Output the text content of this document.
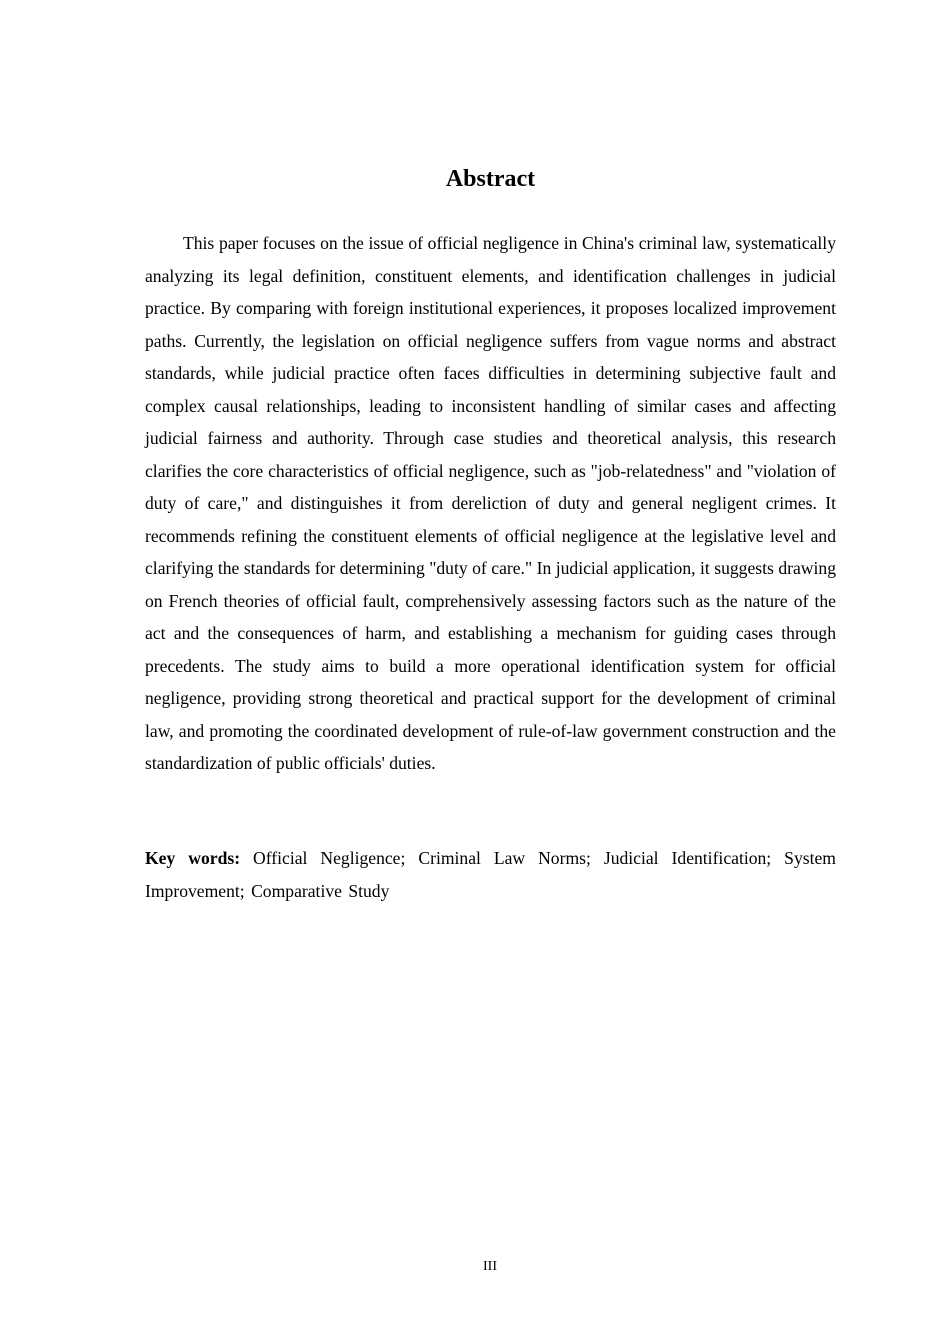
Abstract

This paper focuses on the issue of official negligence in China's criminal law, systematically analyzing its legal definition, constituent elements, and identification challenges in judicial practice. By comparing with foreign institutional experiences, it proposes localized improvement paths. Currently, the legislation on official negligence suffers from vague norms and abstract standards, while judicial practice often faces difficulties in determining subjective fault and complex causal relationships, leading to inconsistent handling of similar cases and affecting judicial fairness and authority. Through case studies and theoretical analysis, this research clarifies the core characteristics of official negligence, such as "job-relatedness" and "violation of duty of care," and distinguishes it from dereliction of duty and general negligent crimes. It recommends refining the constituent elements of official negligence at the legislative level and clarifying the standards for determining "duty of care." In judicial application, it suggests drawing on French theories of official fault, comprehensively assessing factors such as the nature of the act and the consequences of harm, and establishing a mechanism for guiding cases through precedents. The study aims to build a more operational identification system for official negligence, providing strong theoretical and practical support for the development of criminal law, and promoting the coordinated development of rule-of-law government construction and the standardization of public officials' duties.

Key words: Official Negligence; Criminal Law Norms; Judicial Identification; System Improvement; Comparative Study

III
